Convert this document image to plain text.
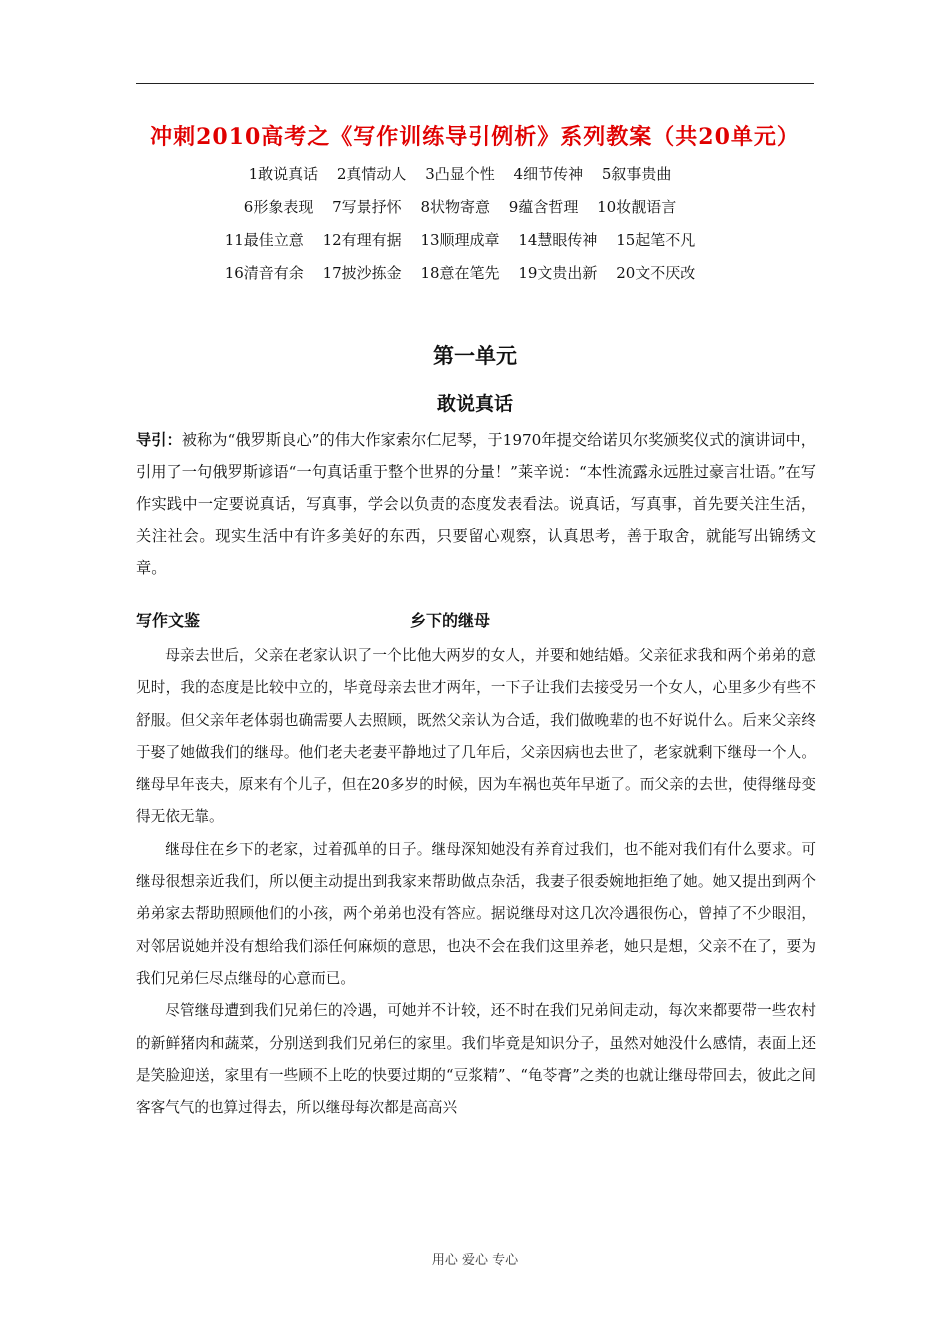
冲刺2010高考之《写作训练导引例析》系列教案（共20单元）
1敢说真话 2真情动人 3凸显个性 4细节传神 5叙事贵曲
6形象表现 7写景抒怀 8状物寄意 9蕴含哲理 10妆靓语言
11最佳立意 12有理有据 13顺理成章 14慧眼传神 15起笔不凡
16清音有余 17披沙拣金 18意在笔先 19文贵出新 20文不厌改
第一单元
敢说真话
导引：被称为“俄罗斯良心”的伟大作家索尔仁尼琴，于1970年提交给诺贝尔奖颁奖仪式的演讲词中，引用了一句俄罗斯谚语“一句真话重于整个世界的分量！”莱辛说：“本性流露永远胜过豪言壮语。”在写作实践中一定要说真话，写真事，学会以负责的态度发表看法。说真话，写真事，首先要关注生活，关注社会。现实生活中有许多美好的东西，只要留心观察，认真思考，善于取舍，就能写出锦绣文章。
写作文鉴	乡下的继母

母亲去世后，父亲在老家认识了一个比他大两岁的女人，并要和她结婚。父亲征求我和两个弟弟的意见时，我的态度是比较中立的，毕竟母亲去世才两年，一下子让我们去接受另一个女人，心里多少有些不舒服。但父亲年老体弱也确需要人去照顾，既然父亲认为合适，我们做晚辈的也不好说什么。后来父亲终于娶了她做我们的继母。他们老夫老妻平静地过了几年后，父亲因病也去世了，老家就剩下继母一个人。继母早年丧夫，原来有个儿子，但在20多岁的时候，因为车祸也英年早逝了。而父亲的去世，使得继母变得无依无靠。

继母住在乡下的老家，过着孤单的日子。继母深知她没有养育过我们，也不能对我们有什么要求。可继母很想亲近我们，所以便主动提出到我家来帮助做点杂活，我妻子很委婉地拒绝了她。她又提出到两个弟弟家去帮助照顾他们的小孩，两个弟弟也没有答应。据说继母对这几次冷遇很伤心，曾掉了不少眼泪，对邻居说她并没有想给我们添任何麻烦的意思，也决不会在我们这里养老，她只是想，父亲不在了，要为我们兄弟仨尽点继母的心意而已。

尽管继母遭到我们兄弟仨的冷遇，可她并不计较，还不时在我们兄弟间走动，每次来都要带一些农村的新鲜猪肉和蔬菜，分别送到我们兄弟仨的家里。我们毕竟是知识分子，虽然对她没什么感情，表面上还是笑脸迎送，家里有一些顾不上吃的快要过期的“豆浆精”、“龟苓膏”之类的也就让继母带回去，彼此之间客客气气的也算过得去，所以继母每次都是高高兴

用心 爱心 专心
